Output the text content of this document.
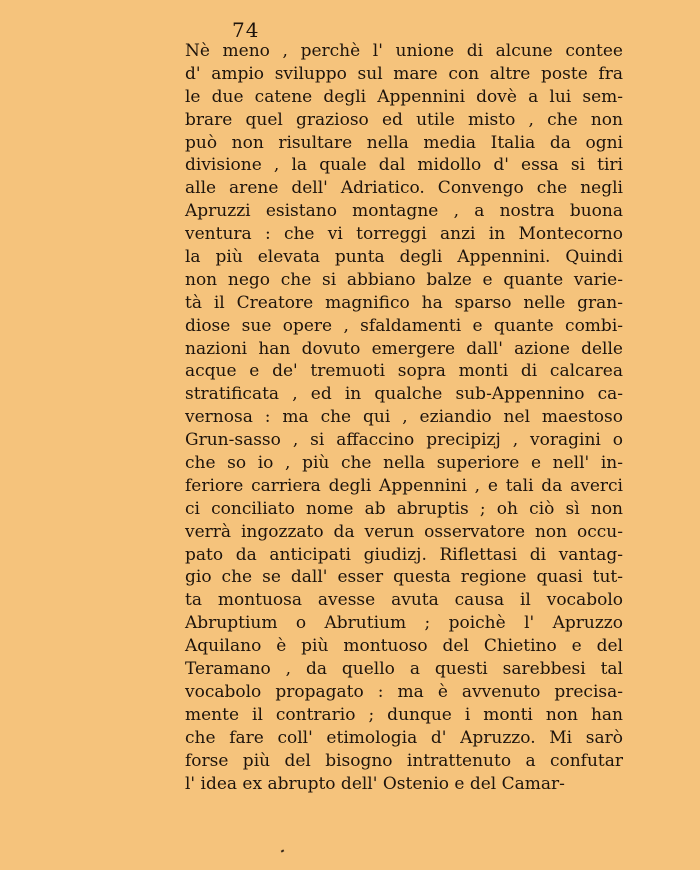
74
Nè meno , perchè l' unione di alcune contee
d' ampio sviluppo sul mare con altre poste fra
le due catene degli Appennini dovè a lui sem-
brare quel grazioso ed utile misto , che non
può non risultare nella media Italia da ogni
divisione , la quale dal midollo d' essa si tiri
alle arene dell' Adriatico. Convengo che negli
Apruzzi esistano montagne , a nostra buona
ventura : che vi torreggi anzi in Montecorno
la più elevata punta degli Appennini. Quindi
non nego che si abbiano balze e quante varie-
tà il Creatore magnifico ha sparso nelle gran-
diose sue opere , sfaldamenti e quante combi-
nazioni han dovuto emergere dall' azione delle
acque e de' tremuoti sopra monti di calcarea
stratificata , ed in qualche sub-Appennino ca-
vernosa : ma che qui , eziandio nel maestoso
Grun-sasso , si affaccino precipizj , voragini o
che so io , più che nella superiore e nell' in-
feriore carriera degli Appennini , e tali da averci
ci conciliato nome ab abruptis ; oh ciò sì non
verrà ingozzato da verun osservatore non occu-
pato da anticipati giudizj. Riflettasi di vantag-
gio che se dall' esser questa regione quasi tut-
ta montuosa avesse avuta causa il vocabolo
Abruptium o Abrutium ; poichè l' Apruzzo
Aquilano è più montuoso del Chietino e del
Teramano , da quello a questi sarebbesi tal
vocabolo propagato : ma è avvenuto precisa-
mente il contrario ; dunque i monti non han
che fare coll' etimologia d' Apruzzo. Mi sarò
forse più del bisogno intrattenuto a confutar
l' idea ex abrupto dell' Ostenio e del Camar-
